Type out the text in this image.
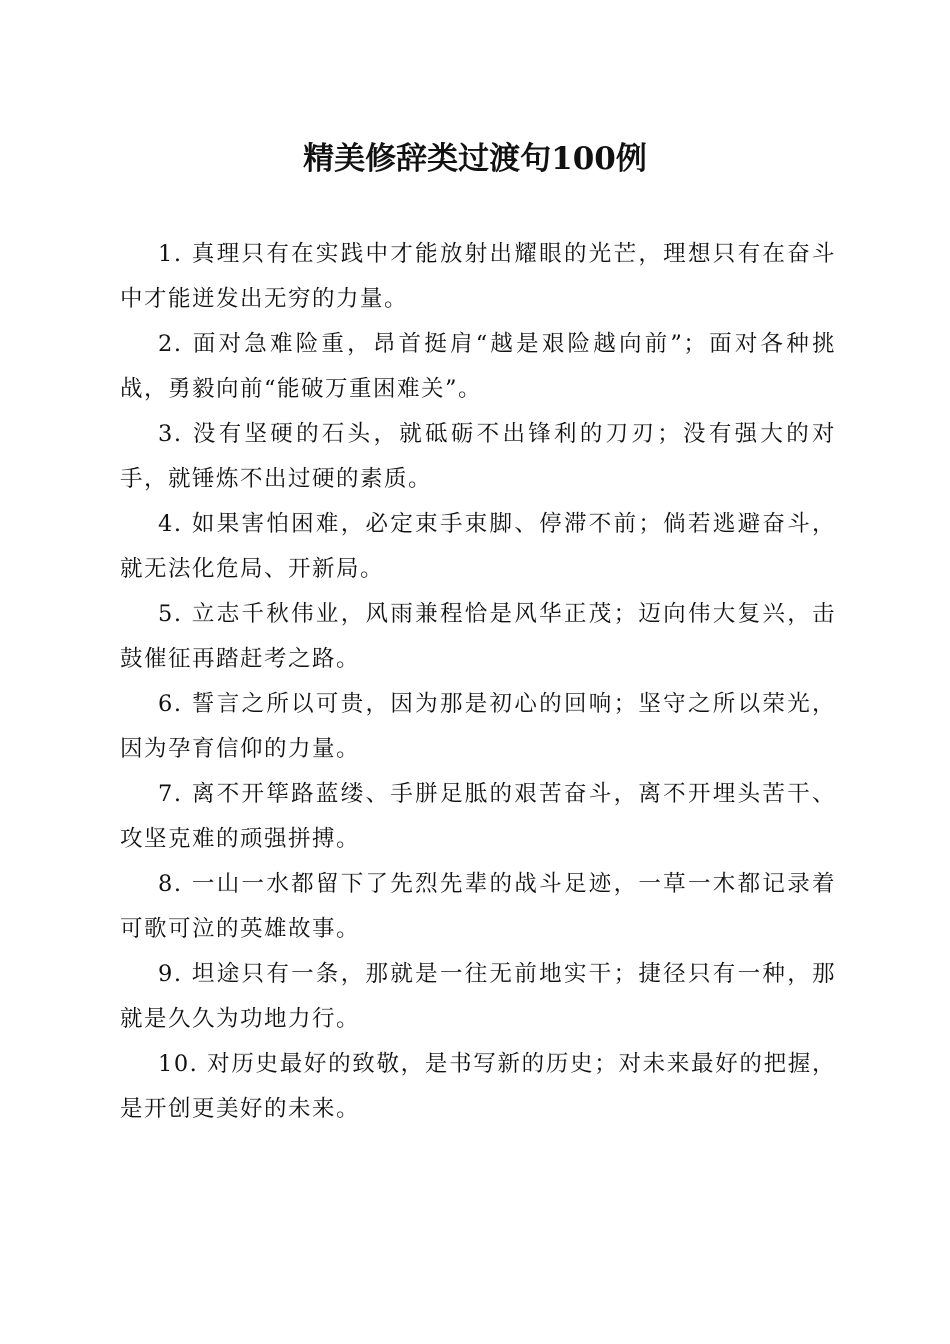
精美修辞类过渡句100例

1. 真理只有在实践中才能放射出耀眼的光芒，理想只有在奋斗中才能迸发出无穷的力量。

2. 面对急难险重，昂首挺肩“越是艰险越向前”；面对各种挑战，勇毅向前“能破万重困难关”。

3. 没有坚硬的石头，就砥砺不出锋利的刀刃；没有强大的对手，就锤炼不出过硬的素质。

4. 如果害怕困难，必定束手束脚、停滞不前；倘若逃避奋斗，就无法化危局、开新局。

5. 立志千秋伟业，风雨兼程恰是风华正茂；迈向伟大复兴，击鼓催征再踏赶考之路。

6. 誓言之所以可贵，因为那是初心的回响；坚守之所以荣光，因为孕育信仰的力量。

7. 离不开筚路蓝缕、手胼足胝的艰苦奋斗，离不开埋头苦干、攻坚克难的顽强拼搏。

8. 一山一水都留下了先烈先辈的战斗足迹，一草一木都记录着可歌可泣的英雄故事。

9. 坦途只有一条，那就是一往无前地实干；捷径只有一种，那就是久久为功地力行。

10. 对历史最好的致敬，是书写新的历史；对未来最好的把握，是开创更美好的未来。
